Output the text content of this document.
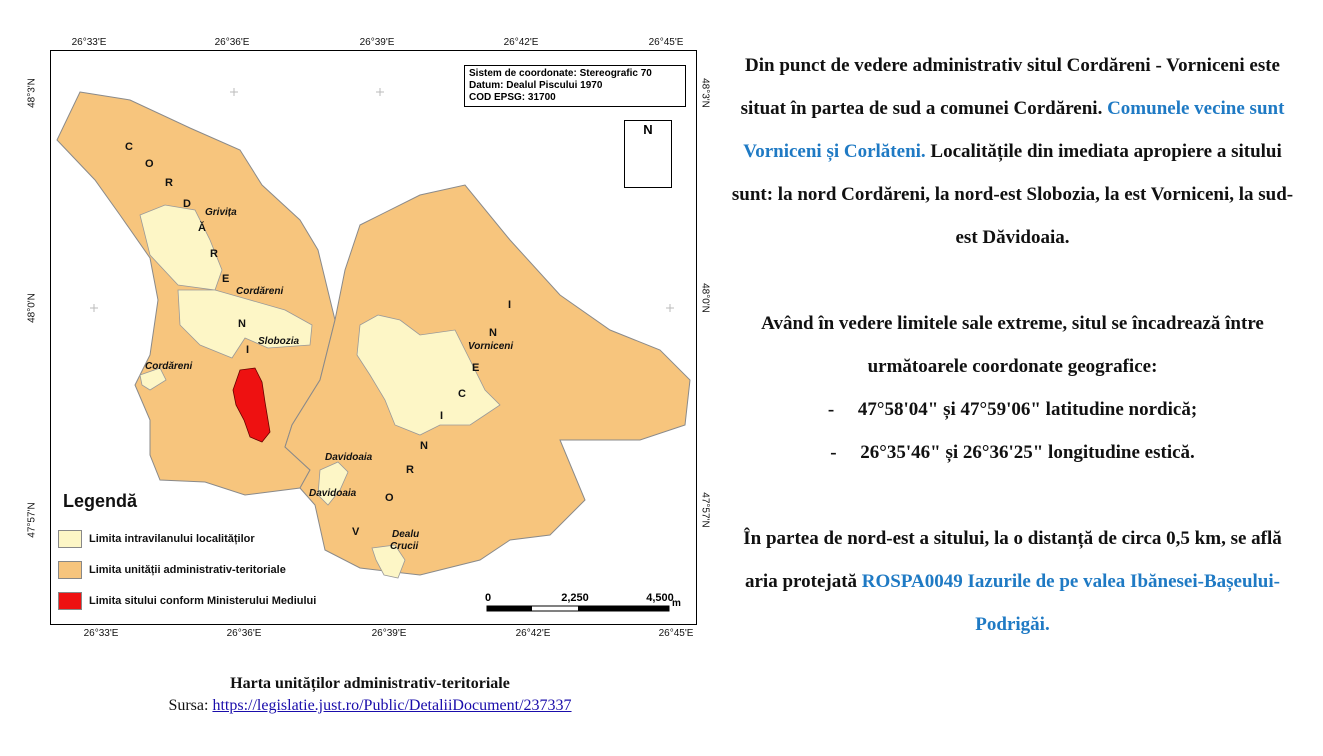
26°33'E	26°36'E	26°39'E	26°42'E	26°45'E
26°33'E	26°36'E	26°39'E	26°42'E	26°45'E
48°3'N
48°0'N
47°57'N
48°3'N
48°0'N
47°57'N
Sistem de coordonate: Stereografic 70
Datum: Dealul Piscului 1970
COD EPSG: 31700
N
Grivița
Cordăreni
Slobozia
Cordăreni
Vorniceni
Davidoaia
Davidoaia
Dealu
Crucii
C
O
R
D
Ă
R
E
N
I
V
O
R
N
I
C
E
N
I
Legendă
Limita intravilanului localităților
Limita unității administrativ-teritoriale
Limita sitului conform Ministerului Mediului	0	2,250	4,500
m
Harta unităților administrativ-teritoriale
Sursa: https://legislatie.just.ro/Public/DetaliiDocument/237337

Din punct de vedere administrativ situl Cordăreni - Vorniceni este situat în partea de sud a comunei Cordăreni. Comunele vecine sunt Vorniceni și Corlăteni. Localitățile din imediata apropiere a sitului sunt: la nord Cordăreni, la nord-est Slobozia, la est Vorniceni, la sud-est Dăvidoaia.

Având în vedere limitele sale extreme, situl se încadrează între următoarele coordonate geografice:

-     47°58'04" și 47°59'06" latitudine nordică;

-     26°35'46" și 26°36'25" longitudine estică.

În partea de nord-est a sitului, la o distanță de circa 0,5 km, se află aria protejată ROSPA0049 Iazurile de pe valea Ibănesei-Bașeului-Podrigăi.
